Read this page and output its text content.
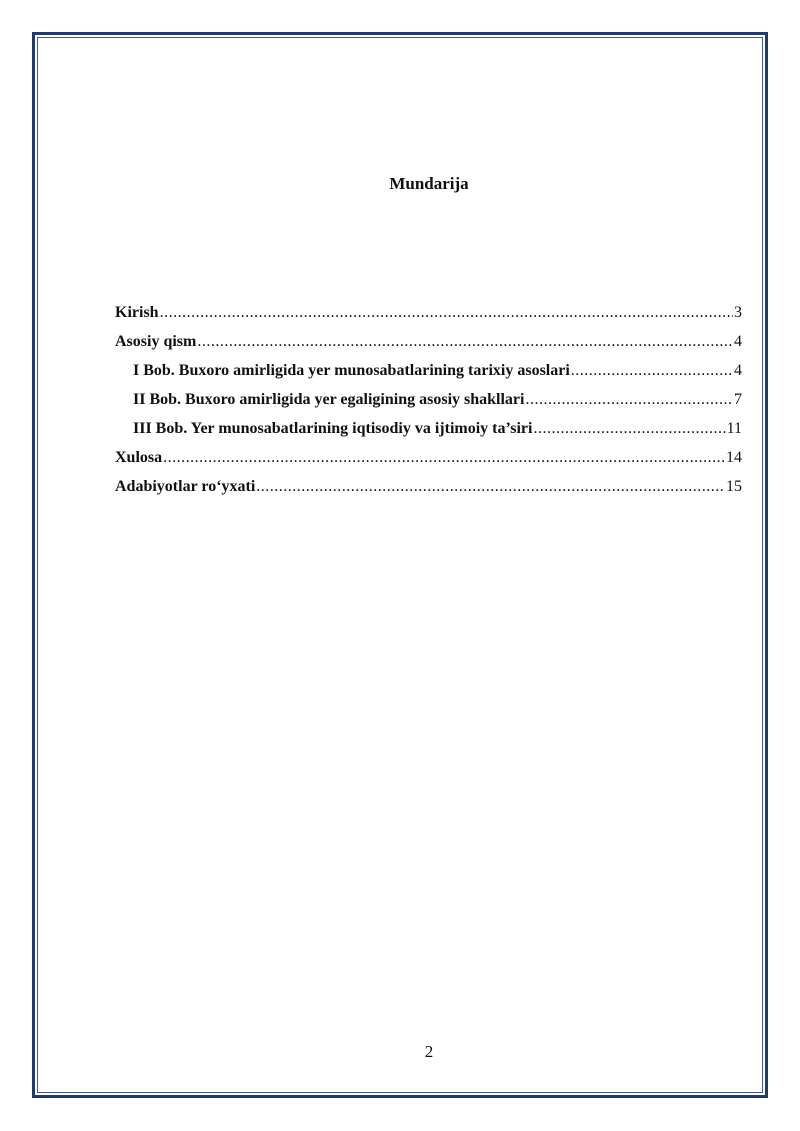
Mundarija
Kirish .....	3
Asosiy qism .....	4
I Bob. Buxoro amirligida yer munosabatlarining tarixiy asoslari .....	4
II Bob. Buxoro amirligida yer egaligining asosiy shakllari .....	7
III Bob. Yer munosabatlarining iqtisodiy va ijtimoiy ta’siri .....	11
Xulosa .....	14
Adabiyotlar ro‘yxati .....	15
2
